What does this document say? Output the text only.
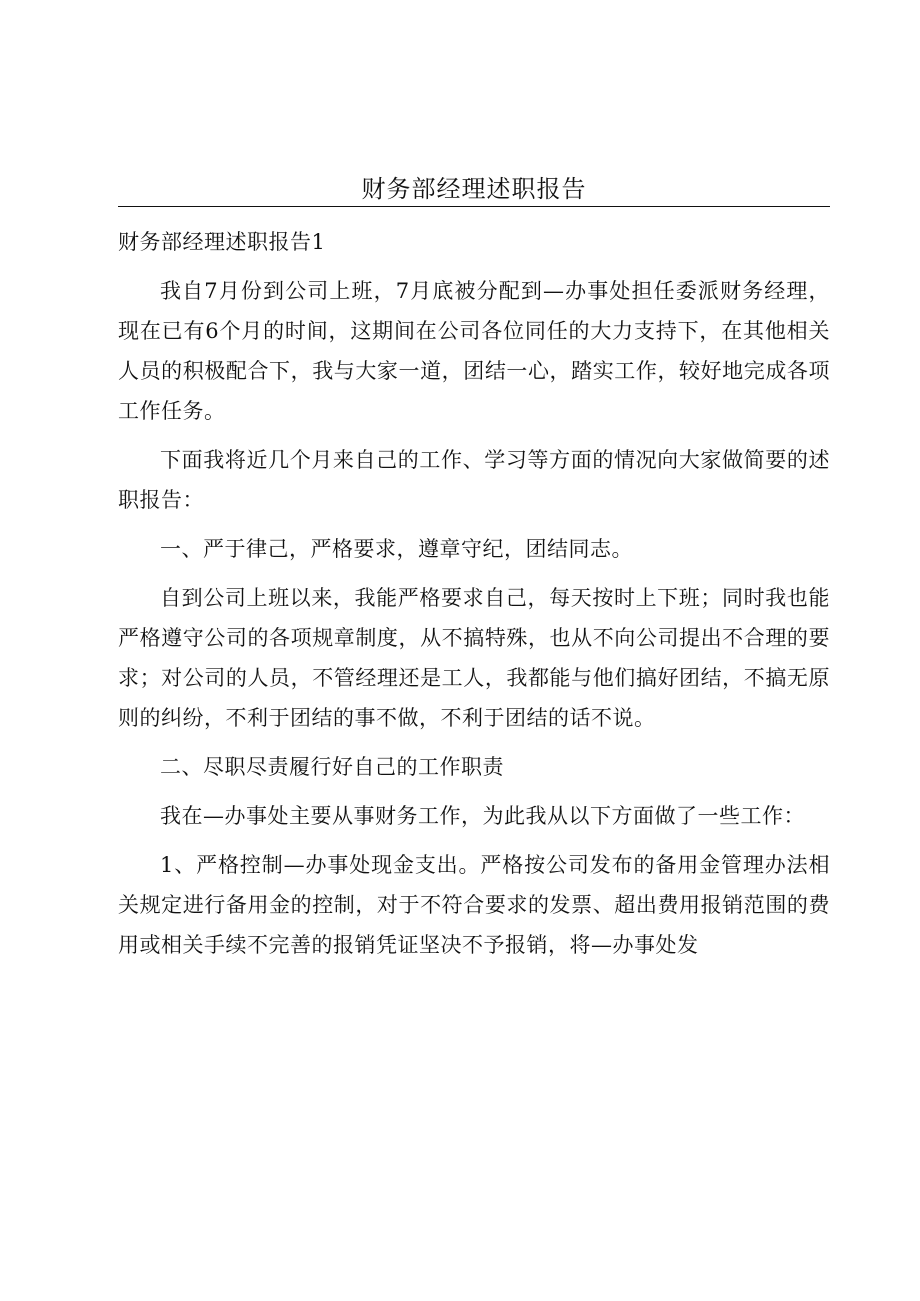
财务部经理述职报告

财务部经理述职报告1

我自7月份到公司上班，7月底被分配到—办事处担任委派财务经理，现在已有6个月的时间，这期间在公司各位同任的大力支持下，在其他相关人员的积极配合下，我与大家一道，团结一心，踏实工作，较好地完成各项工作任务。

下面我将近几个月来自己的工作、学习等方面的情况向大家做简要的述职报告：

一、严于律己，严格要求，遵章守纪，团结同志。

自到公司上班以来，我能严格要求自己，每天按时上下班；同时我也能严格遵守公司的各项规章制度，从不搞特殊，也从不向公司提出不合理的要求；对公司的人员，不管经理还是工人，我都能与他们搞好团结，不搞无原则的纠纷，不利于团结的事不做，不利于团结的话不说。

二、尽职尽责履行好自己的工作职责

我在—办事处主要从事财务工作，为此我从以下方面做了一些工作：

1、严格控制—办事处现金支出。严格按公司发布的备用金管理办法相关规定进行备用金的控制，对于不符合要求的发票、超出费用报销范围的费用或相关手续不完善的报销凭证坚决不予报销，将—办事处发
